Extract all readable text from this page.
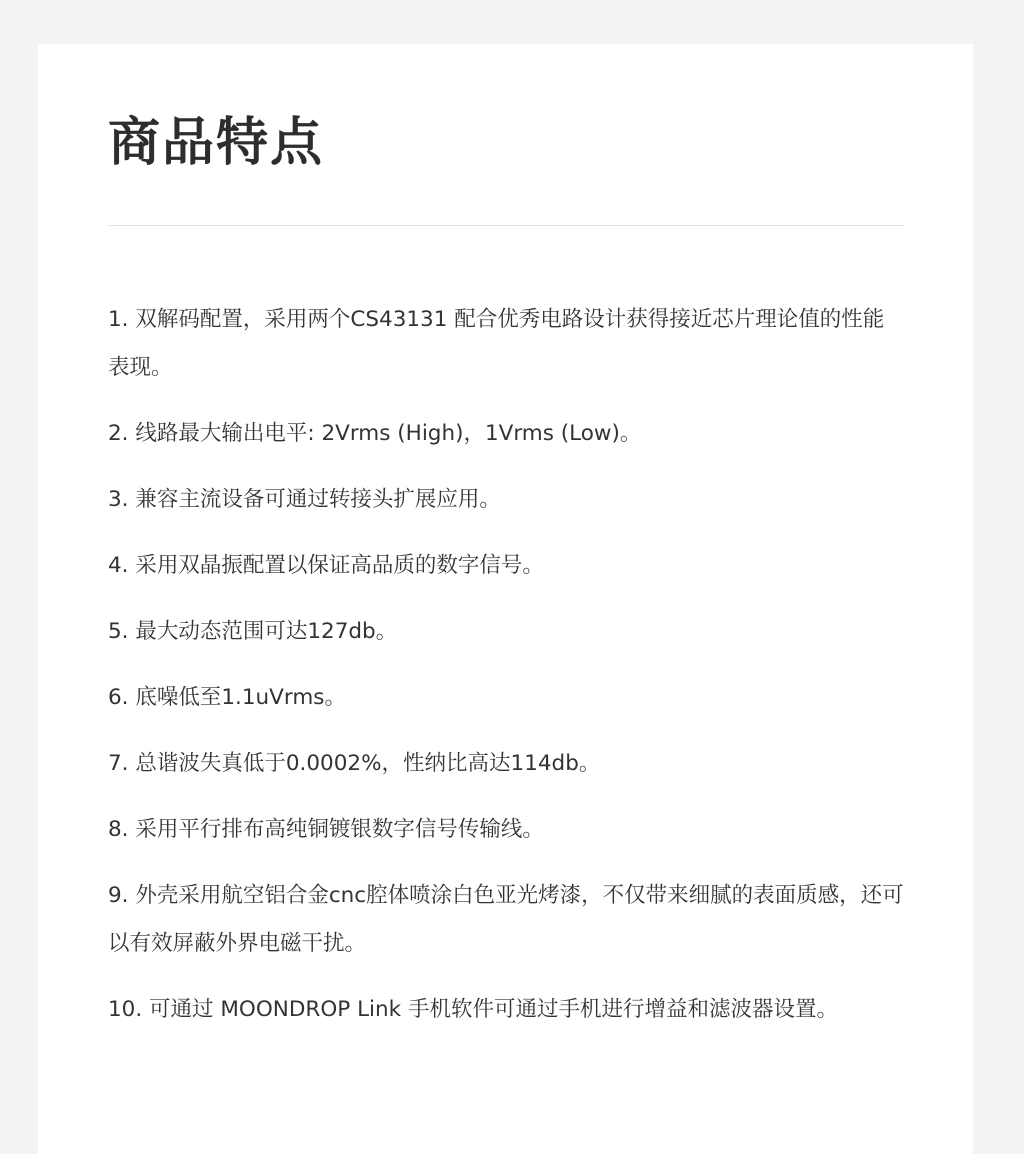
商品特点
1. 双解码配置，采用两个CS43131 配合优秀电路设计获得接近芯片理论值的性能表现。
2. 线路最大输出电平: 2Vrms (High)，1Vrms (Low)。
3. 兼容主流设备可通过转接头扩展应用。
4. 采用双晶振配置以保证高品质的数字信号。
5. 最大动态范围可达127db。
6. 底噪低至1.1uVrms。
7. 总谐波失真低于0.0002%，性纳比高达114db。
8. 采用平行排布高纯铜镀银数字信号传输线。
9. 外壳采用航空铝合金cnc腔体喷涂白色亚光烤漆，不仅带来细腻的表面质感，还可以有效屏蔽外界电磁干扰。
10. 可通过 MOONDROP Link 手机软件可通过手机进行增益和滤波器设置。
